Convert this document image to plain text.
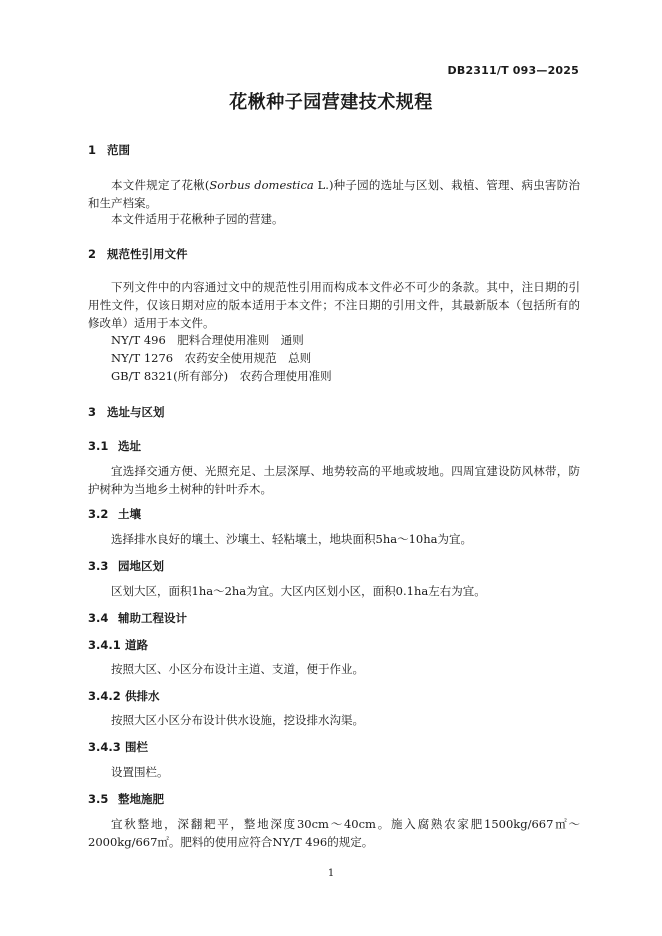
DB2311/T 093—2025
花楸种子园营建技术规程
1 范围
本文件规定了花楸(Sorbus domestica L.)种子园的选址与区划、栽植、管理、病虫害防治和生产档案。
本文件适用于花楸种子园的营建。
2 规范性引用文件
下列文件中的内容通过文中的规范性引用而构成本文件必不可少的条款。其中，注日期的引用性文件，仅该日期对应的版本适用于本文件；不注日期的引用文件，其最新版本（包括所有的修改单）适用于本文件。
NY/T 496　肥料合理使用准则　通则
NY/T 1276　农药安全使用规范　总则
GB/T 8321(所有部分)　农药合理使用准则
3 选址与区划
3.1 选址
宜选择交通方便、光照充足、土层深厚、地势较高的平地或坡地。四周宜建设防风林带，防护树种为当地乡土树种的针叶乔木。
3.2 土壤
选择排水良好的壤土、沙壤土、轻粘壤土，地块面积5ha～10ha为宜。
3.3 园地区划
区划大区，面积1ha～2ha为宜。大区内区划小区，面积0.1ha左右为宜。
3.4 辅助工程设计
3.4.1 道路
按照大区、小区分布设计主道、支道，便于作业。
3.4.2 供排水
按照大区小区分布设计供水设施，挖设排水沟渠。
3.4.3 围栏
设置围栏。
3.5 整地施肥
宜秋整地，深翻耙平，整地深度30cm～40cm。施入腐熟农家肥1500kg/667㎡～2000kg/667㎡。肥料的使用应符合NY/T 496的规定。
1
